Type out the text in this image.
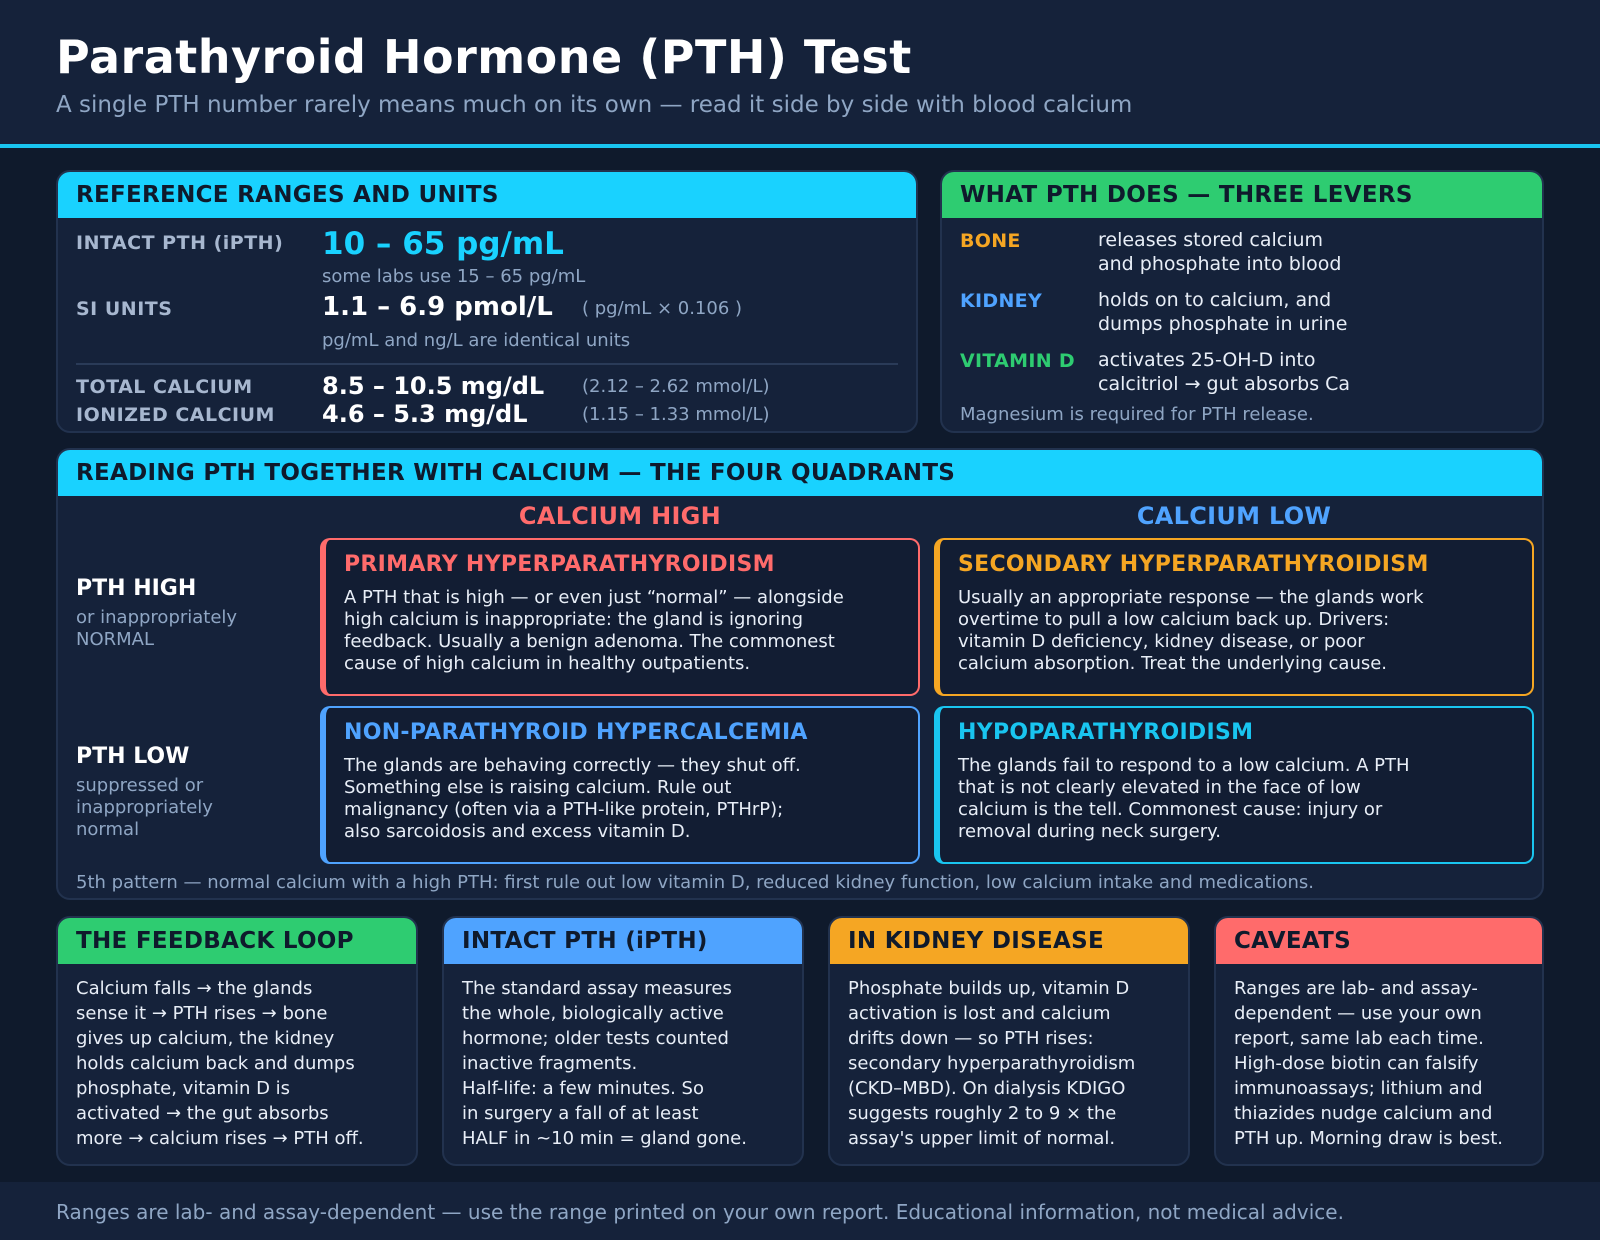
Parathyroid Hormone (PTH) Test
A single PTH number rarely means much on its own — read it side by side with blood calcium
REFERENCE RANGES AND UNITS
INTACT PTH (iPTH) 10 – 65 pg/mL
some labs use 15 – 65 pg/mL
SI UNITS	1.1 – 6.9 pmol/L ( pg/mL × 0.106 )
pg/mL and ng/L are identical units
TOTAL CALCIUM	8.5 – 10.5 mg/dL (2.12 – 2.62 mmol/L)
IONIZED CALCIUM 4.6 – 5.3 mg/dL	(1.15 – 1.33 mmol/L)
WHAT PTH DOES — THREE LEVERS
BONE	releases stored calcium
and phosphate into blood
KIDNEY	holds on to calcium, and
dumps phosphate in urine
VITAMIN D activates 25-OH-D into
calcitriol → gut absorbs Ca
Magnesium is required for PTH release.
READING PTH TOGETHER WITH CALCIUM — THE FOUR QUADRANTS
CALCIUM HIGH	CALCIUM LOW
PTH HIGH
or inappropriately
NORMAL
PTH LOW
suppressed or
inappropriately
normal
PRIMARY HYPERPARATHYROIDISM
A PTH that is high — or even just “normal” — alongside
high calcium is inappropriate: the gland is ignoring
feedback. Usually a benign adenoma. The commonest
cause of high calcium in healthy outpatients.
SECONDARY HYPERPARATHYROIDISM
Usually an appropriate response — the glands work
overtime to pull a low calcium back up. Drivers:
vitamin D deficiency, kidney disease, or poor
calcium absorption. Treat the underlying cause.
NON-PARATHYROID HYPERCALCEMIA
The glands are behaving correctly — they shut off.
Something else is raising calcium. Rule out
malignancy (often via a PTH-like protein, PTHrP);
also sarcoidosis and excess vitamin D.
HYPOPARATHYROIDISM
The glands fail to respond to a low calcium. A PTH
that is not clearly elevated in the face of low
calcium is the tell. Commonest cause: injury or
removal during neck surgery.
5th pattern — normal calcium with a high PTH: first rule out low vitamin D, reduced kidney function, low calcium intake and medications.
THE FEEDBACK LOOP
Calcium falls → the glands
sense it → PTH rises → bone
gives up calcium, the kidney
holds calcium back and dumps
phosphate, vitamin D is
activated → the gut absorbs
more → calcium rises → PTH off.
INTACT PTH (iPTH)
The standard assay measures
the whole, biologically active
hormone; older tests counted
inactive fragments.
Half-life: a few minutes. So
in surgery a fall of at least
HALF in ~10 min = gland gone.
IN KIDNEY DISEASE
Phosphate builds up, vitamin D
activation is lost and calcium
drifts down — so PTH rises:
secondary hyperparathyroidism
(CKD–MBD). On dialysis KDIGO
suggests roughly 2 to 9 × the
assay's upper limit of normal.
CAVEATS
Ranges are lab- and assay-
dependent — use your own
report, same lab each time.
High-dose biotin can falsify
immunoassays; lithium and
thiazides nudge calcium and
PTH up. Morning draw is best.
Ranges are lab- and assay-dependent — use the range printed on your own report. Educational information, not medical advice.
